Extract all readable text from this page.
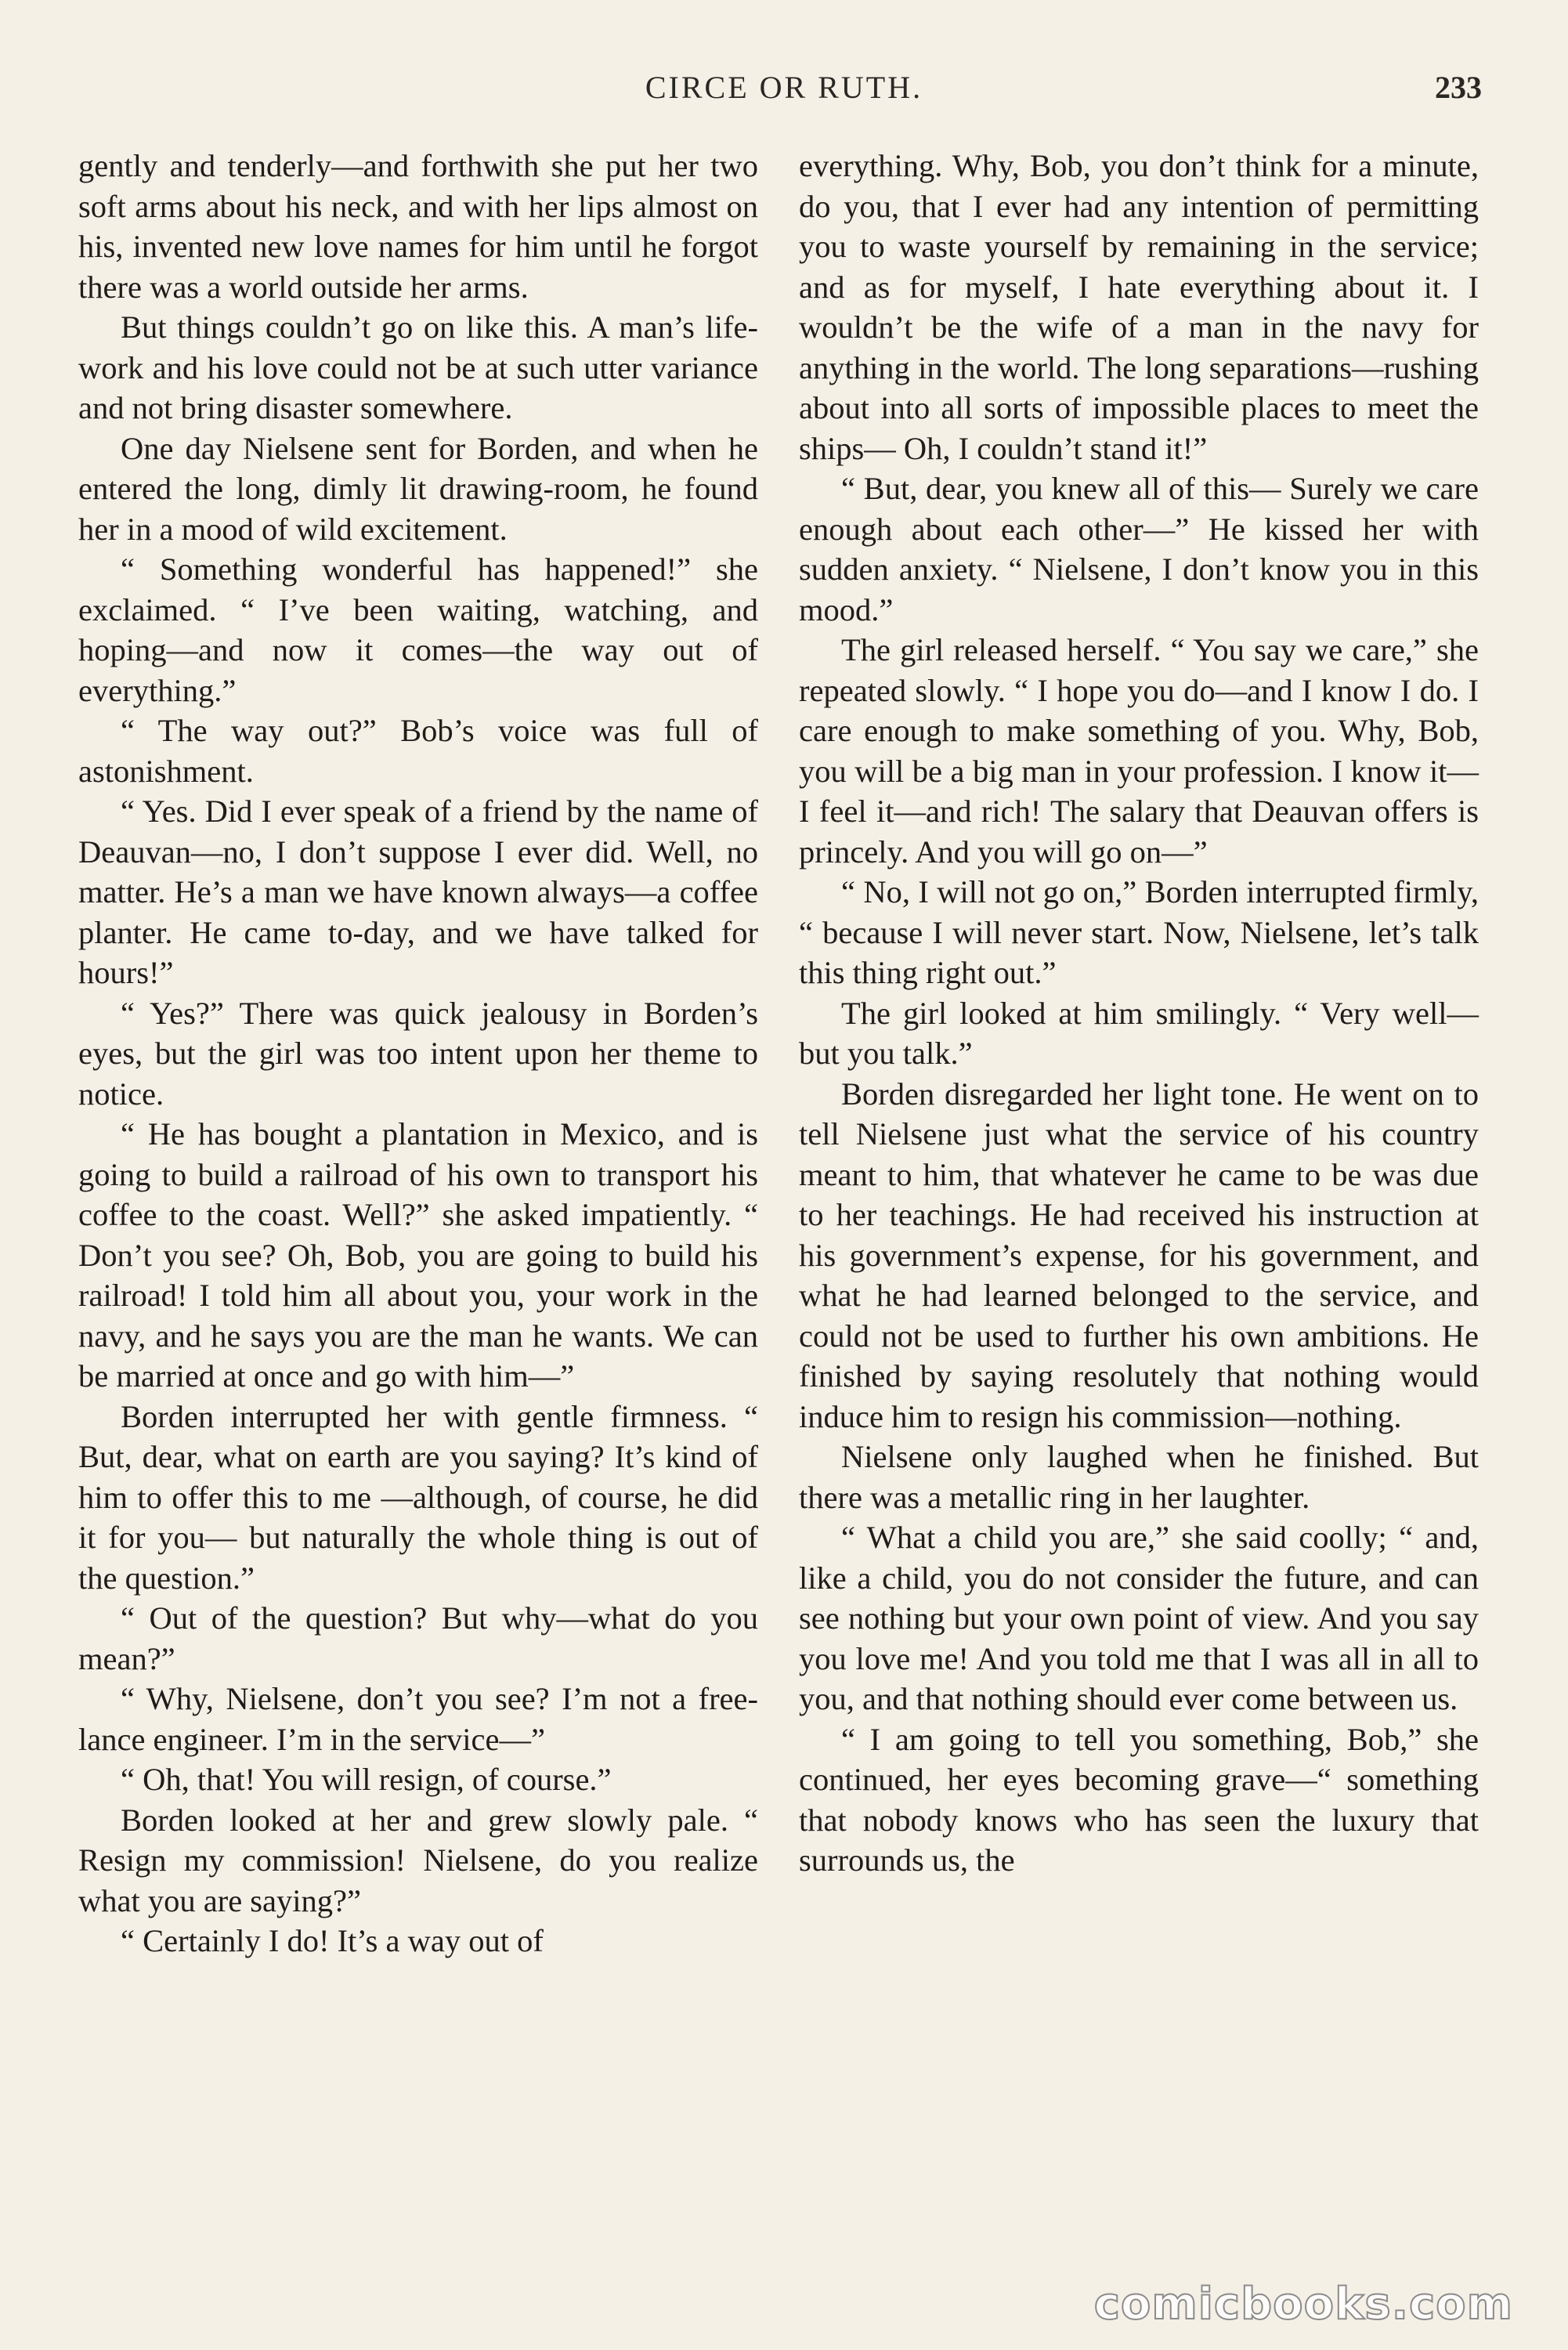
CIRCE OR RUTH.	233

gently and tenderly—and forthwith she put her two soft arms about his neck, and with her lips almost on his, invented new love names for him until he forgot there was a world outside her arms.

But things couldn’t go on like this. A man’s life-work and his love could not be at such utter variance and not bring disaster somewhere.

One day Nielsene sent for Borden, and when he entered the long, dimly lit drawing-room, he found her in a mood of wild excitement.

“ Something wonderful has happened!” she exclaimed. “ I’ve been waiting, watching, and hoping—and now it comes—the way out of everything.”

“ The way out?” Bob’s voice was full of astonishment.

“ Yes. Did I ever speak of a friend by the name of Deauvan—no, I don’t suppose I ever did. Well, no matter. He’s a man we have known always—a coffee planter. He came to-day, and we have talked for hours!”

“ Yes?” There was quick jealousy in Borden’s eyes, but the girl was too intent upon her theme to notice.

“ He has bought a plantation in Mexico, and is going to build a railroad of his own to transport his coffee to the coast. Well?” she asked impatiently. “ Don’t you see? Oh, Bob, you are going to build his railroad! I told him all about you, your work in the navy, and he says you are the man he wants. We can be married at once and go with him—”

Borden interrupted her with gentle firmness. “ But, dear, what on earth are you saying? It’s kind of him to offer this to me —although, of course, he did it for you— but naturally the whole thing is out of the question.”

“ Out of the question? But why—what do you mean?”

“ Why, Nielsene, don’t you see? I’m not a free-lance engineer. I’m in the service—”

“ Oh, that! You will resign, of course.”

Borden looked at her and grew slowly pale. “ Resign my commission! Nielsene, do you realize what you are saying?”

“ Certainly I do! It’s a way out of

everything. Why, Bob, you don’t think for a minute, do you, that I ever had any intention of permitting you to waste yourself by remaining in the service; and as for myself, I hate everything about it. I wouldn’t be the wife of a man in the navy for anything in the world. The long separations—rushing about into all sorts of impossible places to meet the ships— Oh, I couldn’t stand it!”

“ But, dear, you knew all of this— Surely we care enough about each other—” He kissed her with sudden anxiety. “ Nielsene, I don’t know you in this mood.”

The girl released herself. “ You say we care,” she repeated slowly. “ I hope you do—and I know I do. I care enough to make something of you. Why, Bob, you will be a big man in your profession. I know it—I feel it—and rich! The salary that Deauvan offers is princely. And you will go on—”

“ No, I will not go on,” Borden interrupted firmly, “ because I will never start. Now, Nielsene, let’s talk this thing right out.”

The girl looked at him smilingly. “ Very well—but you talk.”

Borden disregarded her light tone. He went on to tell Nielsene just what the service of his country meant to him, that whatever he came to be was due to her teachings. He had received his instruction at his government’s expense, for his government, and what he had learned belonged to the service, and could not be used to further his own ambitions. He finished by saying resolutely that nothing would induce him to resign his commission—nothing.

Nielsene only laughed when he finished. But there was a metallic ring in her laughter.

“ What a child you are,” she said coolly; “ and, like a child, you do not consider the future, and can see nothing but your own point of view. And you say you love me! And you told me that I was all in all to you, and that nothing should ever come between us.

“ I am going to tell you something, Bob,” she continued, her eyes becoming grave—“ something that nobody knows who has seen the luxury that surrounds us, the

comicbooks.com
